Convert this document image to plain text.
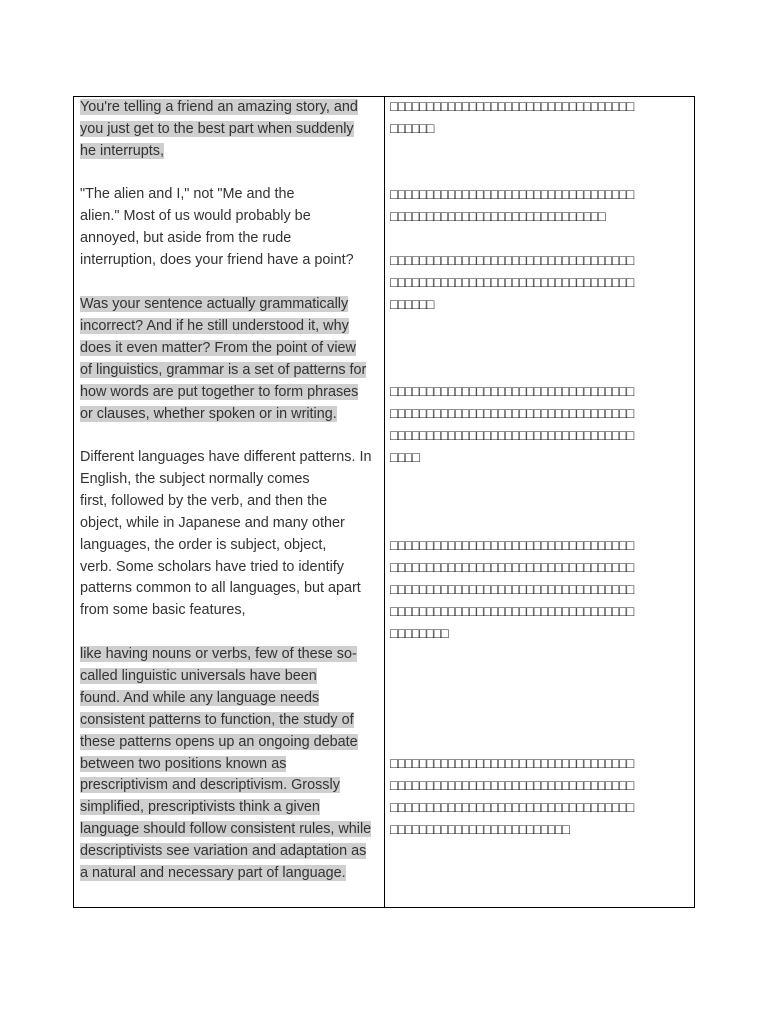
You're telling a friend an amazing story, and
you just get to the best part when suddenly
he interrupts,

"The alien and I," not "Me and the
alien." Most of us would probably be
annoyed, but aside from the rude
interruption, does your friend have a point?

Was your sentence actually grammatically
incorrect? And if he still understood it, why
does it even matter? From the point of view
of linguistics, grammar is a set of patterns for
how words are put together to form phrases
or clauses, whether spoken or in writing.

Different languages have different patterns. In
English, the subject normally comes
first, followed by the verb, and then the
object, while in Japanese and many other
languages, the order is subject, object,
verb. Some scholars have tried to identify
patterns common to all languages, but apart
from some basic features,

like having nouns or verbs, few of these so-
called linguistic universals have been
found. And while any language needs
consistent patterns to function, the study of
these patterns opens up an ongoing debate
between two positions known as
prescriptivism and descriptivism. Grossly
simplified, prescriptivists think a given
language should follow consistent rules, while
descriptivists see variation and adaptation as
a natural and necessary part of language.

□□□□□□□□□□□□□□□□□□□□□□□□□□□□□□□□□□
□□□□□□
□□□□□□□□□□□□□□□□□□□□□□□□□□□□□□□□□□
□□□□□□□□□□□□□□□□□□□□□□□□□□□□□□
□□□□□□□□□□□□□□□□□□□□□□□□□□□□□□□□□□
□□□□□□□□□□□□□□□□□□□□□□□□□□□□□□□□□□
□□□□□□
□□□□□□□□□□□□□□□□□□□□□□□□□□□□□□□□□□
□□□□□□□□□□□□□□□□□□□□□□□□□□□□□□□□□□
□□□□□□□□□□□□□□□□□□□□□□□□□□□□□□□□□□
□□□□
□□□□□□□□□□□□□□□□□□□□□□□□□□□□□□□□□□
□□□□□□□□□□□□□□□□□□□□□□□□□□□□□□□□□□
□□□□□□□□□□□□□□□□□□□□□□□□□□□□□□□□□□
□□□□□□□□□□□□□□□□□□□□□□□□□□□□□□□□□□
□□□□□□□□
□□□□□□□□□□□□□□□□□□□□□□□□□□□□□□□□□□
□□□□□□□□□□□□□□□□□□□□□□□□□□□□□□□□□□
□□□□□□□□□□□□□□□□□□□□□□□□□□□□□□□□□□
□□□□□□□□□□□□□□□□□□□□□□□□□
